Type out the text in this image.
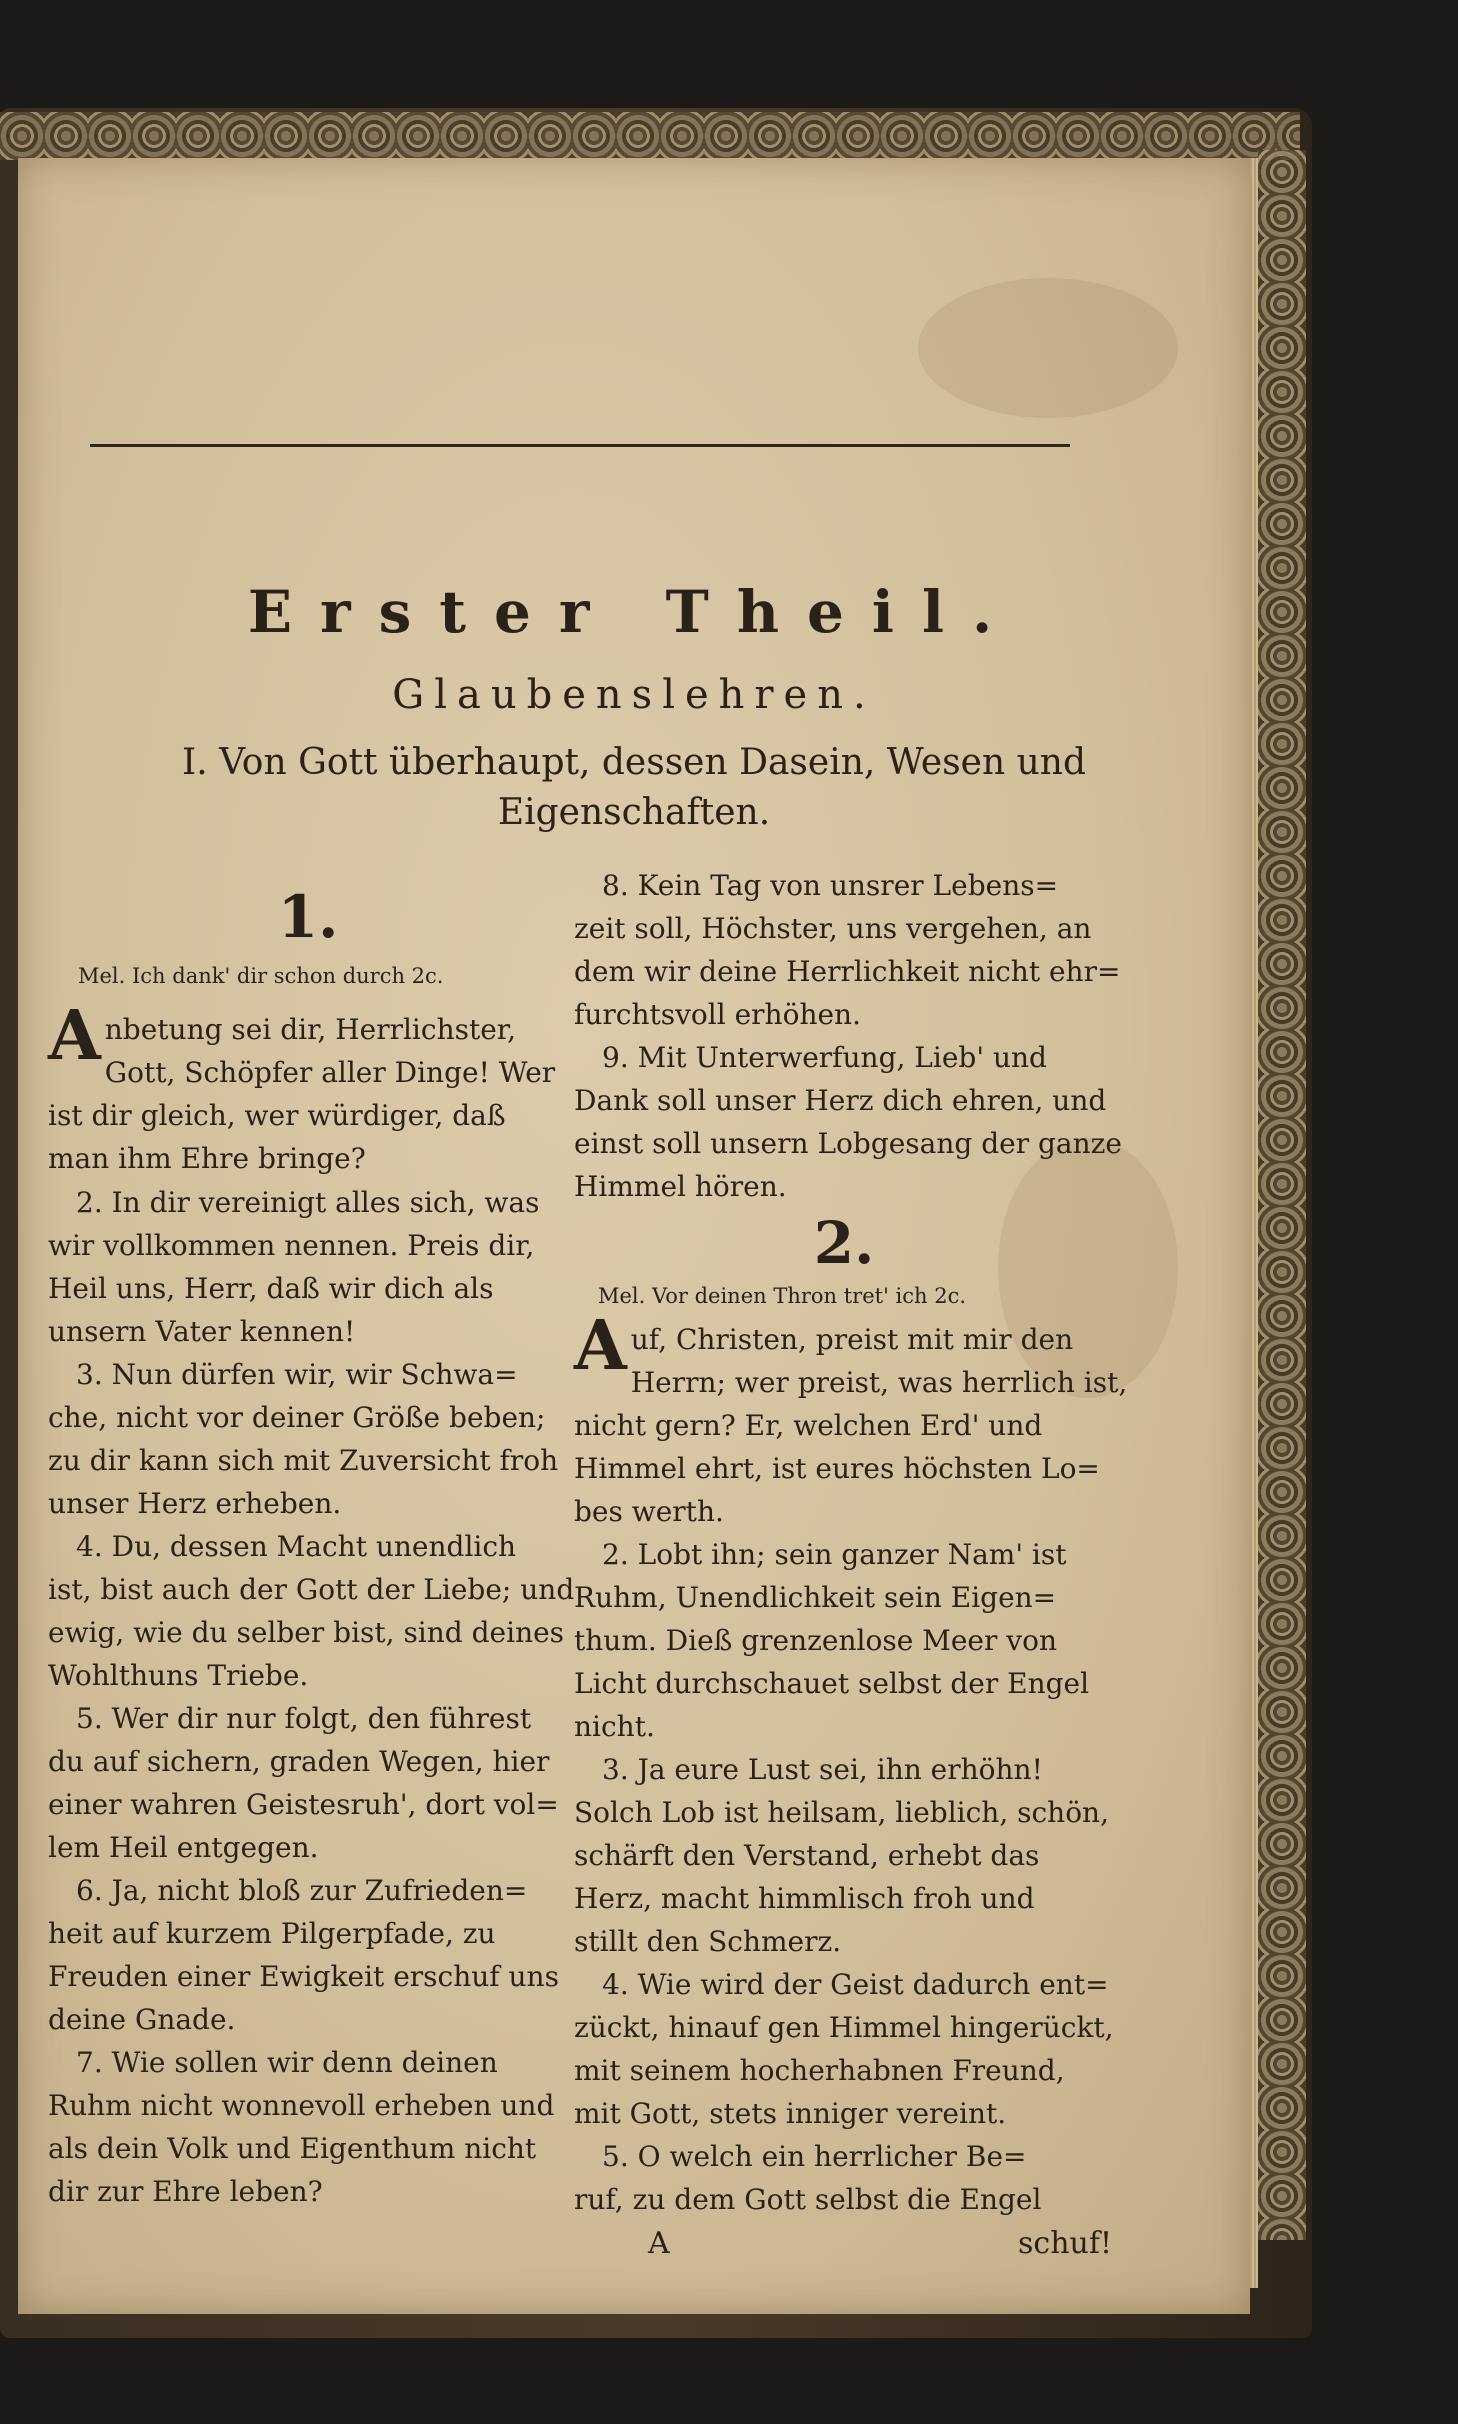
Erster Theil.
Glaubenslehren.
I. Von Gott überhaupt, dessen Dasein, Wesen und
Eigenschaften.
1.
Mel. Ich dank' dir schon durch 2c.
A nbetung sei dir, Herrlichster,
Gott, Schöpfer aller Dinge! Wer
ist dir gleich, wer würdiger, daß
man ihm Ehre bringe?
2. In dir vereinigt alles sich, was
wir vollkommen nennen. Preis dir,
Heil uns, Herr, daß wir dich als
unsern Vater kennen!
3. Nun dürfen wir, wir Schwa=
che, nicht vor deiner Größe beben;
zu dir kann sich mit Zuversicht froh
unser Herz erheben.
4. Du, dessen Macht unendlich
ist, bist auch der Gott der Liebe; und
ewig, wie du selber bist, sind deines
Wohlthuns Triebe.
5. Wer dir nur folgt, den führest
du auf sichern, graden Wegen, hier
einer wahren Geistesruh', dort vol=
lem Heil entgegen.
6. Ja, nicht bloß zur Zufrieden=
heit auf kurzem Pilgerpfade, zu
Freuden einer Ewigkeit erschuf uns
deine Gnade.
7. Wie sollen wir denn deinen
Ruhm nicht wonnevoll erheben und
als dein Volk und Eigenthum nicht
dir zur Ehre leben?
8. Kein Tag von unsrer Lebens=
zeit soll, Höchster, uns vergehen, an
dem wir deine Herrlichkeit nicht ehr=
furchtsvoll erhöhen.
9. Mit Unterwerfung, Lieb' und
Dank soll unser Herz dich ehren, und
einst soll unsern Lobgesang der ganze
Himmel hören.
2.
Mel. Vor deinen Thron tret' ich 2c.
A uf, Christen, preist mit mir den
Herrn; wer preist, was herrlich ist,
nicht gern? Er, welchen Erd' und
Himmel ehrt, ist eures höchsten Lo=
bes werth.
2. Lobt ihn; sein ganzer Nam' ist
Ruhm, Unendlichkeit sein Eigen=
thum. Dieß grenzenlose Meer von
Licht durchschauet selbst der Engel
nicht.
3. Ja eure Lust sei, ihn erhöhn!
Solch Lob ist heilsam, lieblich, schön,
schärft den Verstand, erhebt das
Herz, macht himmlisch froh und
stillt den Schmerz.
4. Wie wird der Geist dadurch ent=
zückt, hinauf gen Himmel hingerückt,
mit seinem hocherhabnen Freund,
mit Gott, stets inniger vereint.
5. O welch ein herrlicher Be=
ruf, zu dem Gott selbst die Engel
A	schuf!
